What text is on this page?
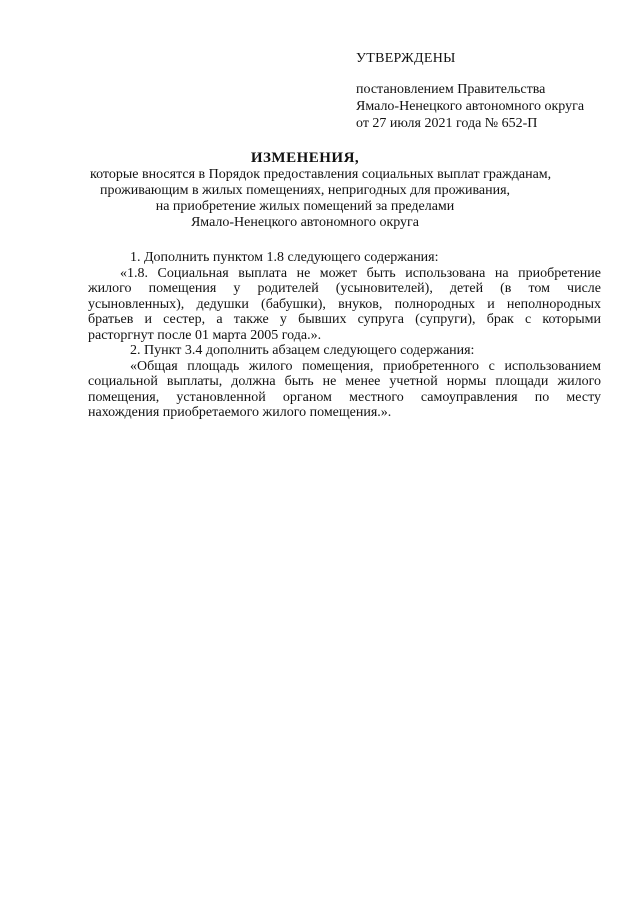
УТВЕРЖДЕНЫ
постановлением Правительства
Ямало-Ненецкого автономного округа
от 27 июля 2021 года № 652-П
ИЗМЕНЕНИЯ,
которые вносятся в Порядок предоставления социальных выплат гражданам,
проживающим в жилых помещениях, непригодных для проживания,
на приобретение жилых помещений за пределами
Ямало-Ненецкого автономного округа
1. Дополнить пунктом 1.8 следующего содержания:
«1.8. Социальная выплата не может быть использована на приобретение
жилого помещения у родителей (усыновителей), детей (в том числе
усыновленных), дедушки (бабушки), внуков, полнородных и неполнородных
братьев и сестер, а также у бывших супруга (супруги), брак с которыми
расторгнут после 01 марта 2005 года.».
2. Пункт 3.4 дополнить абзацем следующего содержания:
«Общая площадь жилого помещения, приобретенного с использованием
социальной выплаты, должна быть не менее учетной нормы площади жилого
помещения, установленной органом местного самоуправления по месту
нахождения приобретаемого жилого помещения.».
